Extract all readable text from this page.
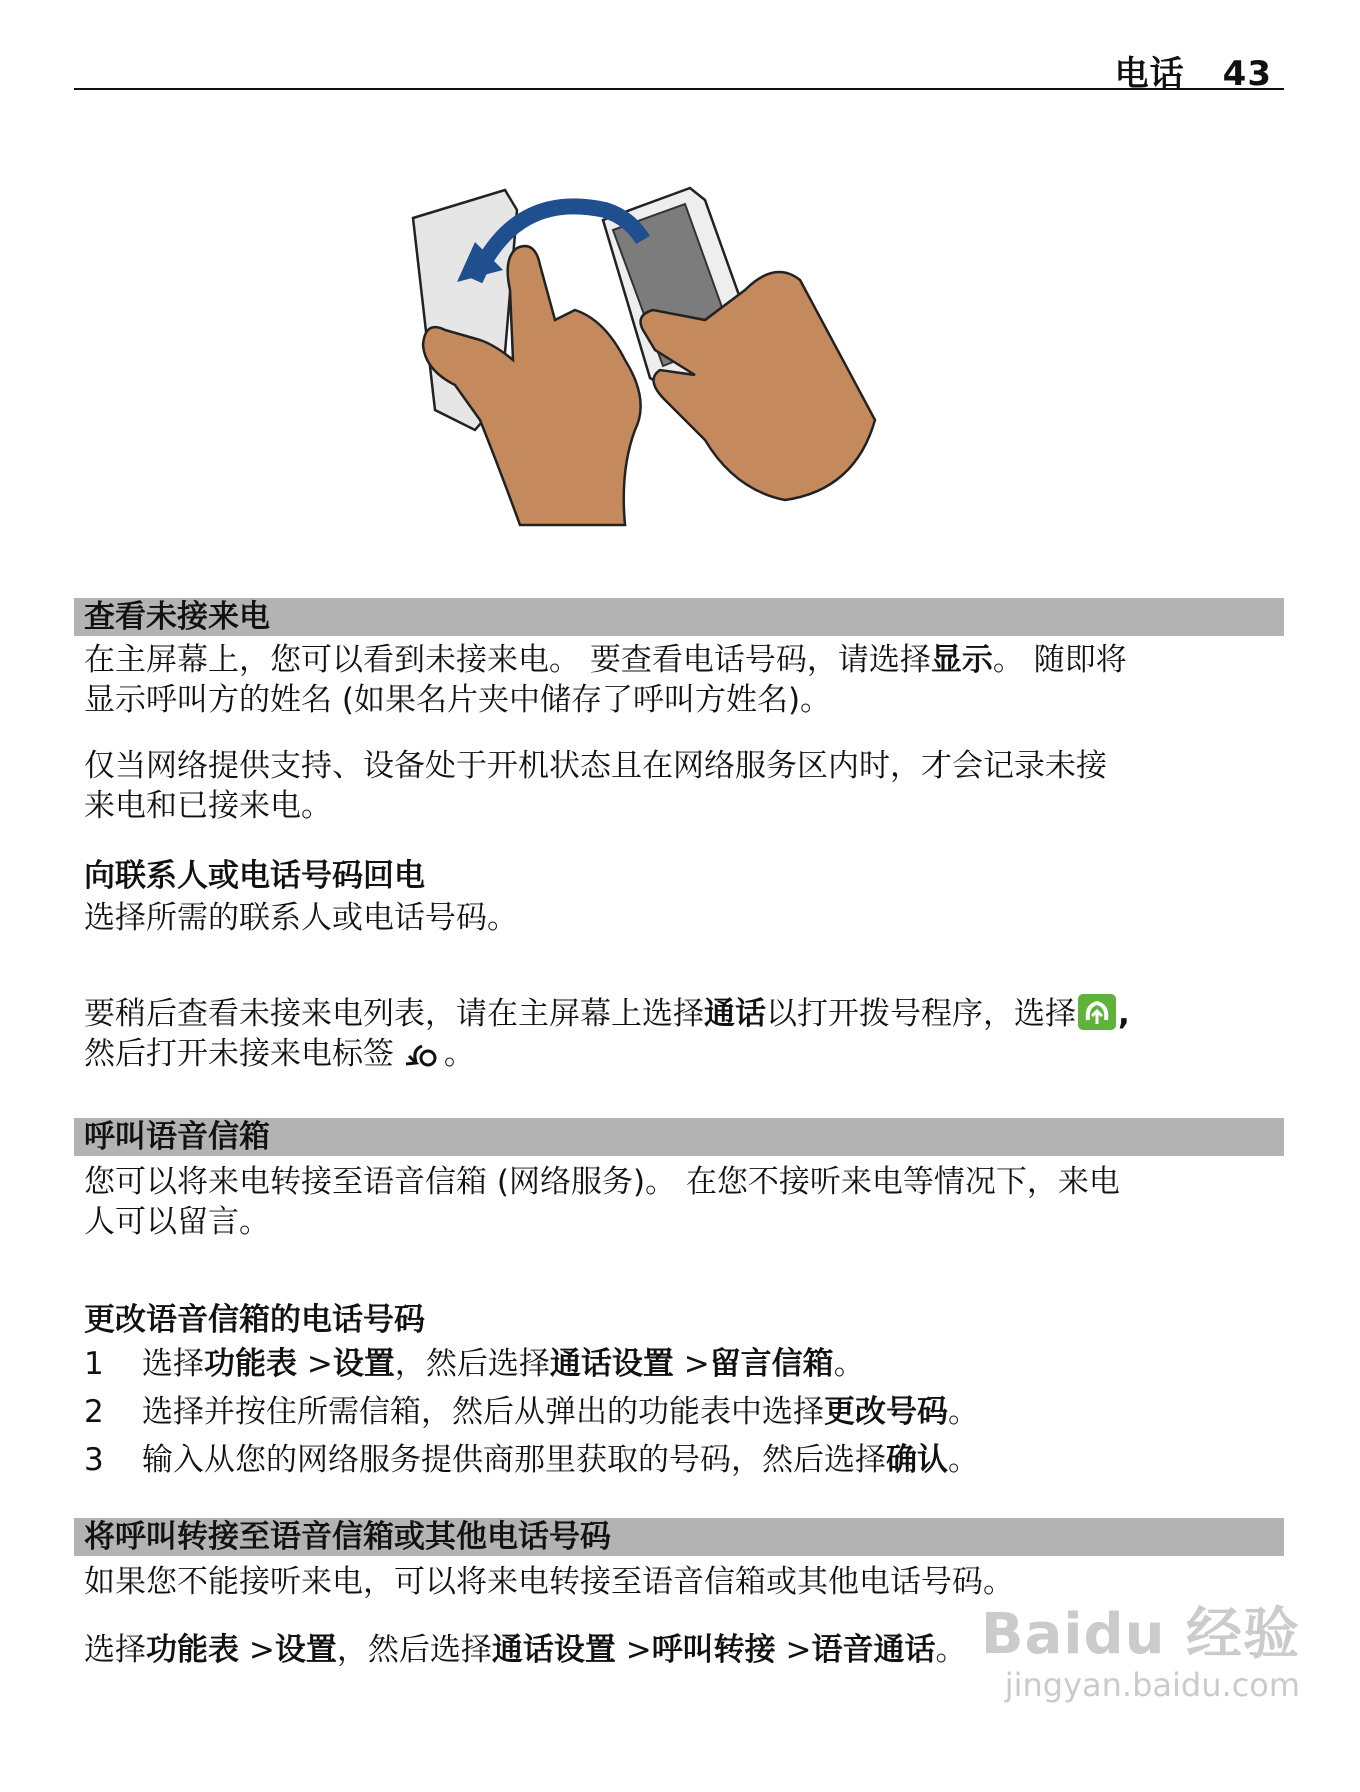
电话 43
查看未接来电

在主屏幕上，您可以看到未接来电。 要查看电话号码，请选择显示。 随即将
显示呼叫方的姓名 (如果名片夹中储存了呼叫方姓名)。

仅当网络提供支持、设备处于开机状态且在网络服务区内时，才会记录未接
来电和已接来电。

向联系人或电话号码回电

选择所需的联系人或电话号码。

要稍后查看未接来电列表，请在主屏幕上选择通话以打开拨号程序，选择 ,
然后打开未接来电标签 。

呼叫语音信箱

您可以将来电转接至语音信箱 (网络服务)。 在您不接听来电等情况下，来电
人可以留言。

更改语音信箱的电话号码

1 选择功能表 >设置，然后选择通话设置 >留言信箱。
2 选择并按住所需信箱，然后从弹出的功能表中选择更改号码。
3 输入从您的网络服务提供商那里获取的号码，然后选择确认。
将呼叫转接至语音信箱或其他电话号码

如果您不能接听来电，可以将来电转接至语音信箱或其他电话号码。

选择功能表 >设置，然后选择通话设置 >呼叫转接 >语音通话。 Baidu 经验
jingyan.baidu.com
